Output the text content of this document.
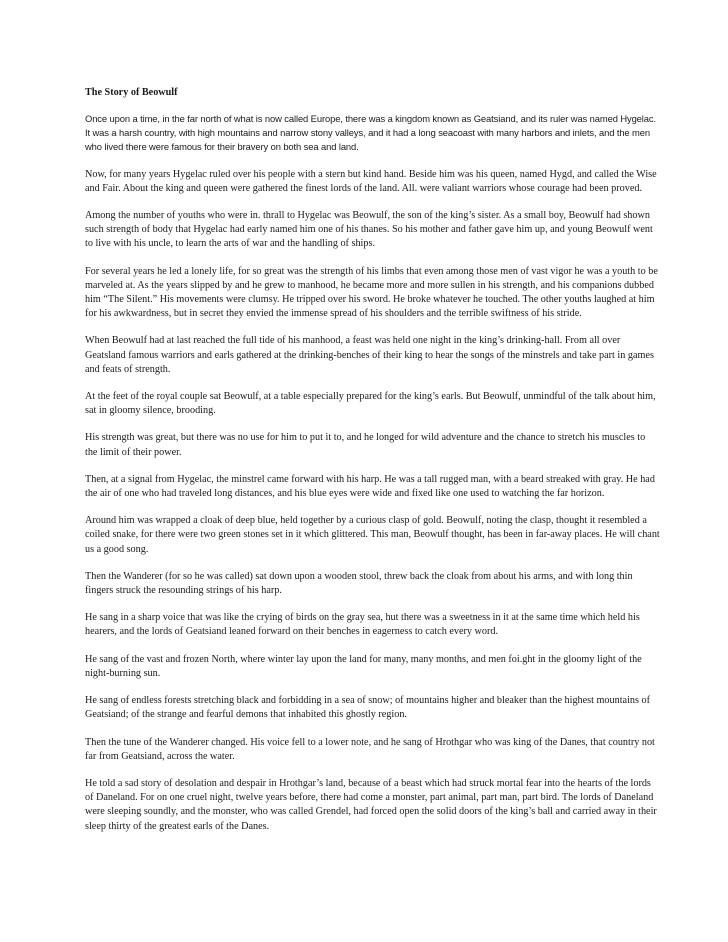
The Story of Beowulf

Once upon a time, in the far north of what is now called Europe, there was a kingdom known as Geatsiand, and its ruler was named Hygelac. It was a harsh country, with high mountains and narrow stony valleys, and it had a long seacoast with many harbors and inlets, and the men who lived there were famous for their bravery on both sea and land.

Now, for many years Hygelac ruled over his people with a stern but kind hand. Beside him was his queen, named Hygd, and called the Wise and Fair. About the king and queen were gathered the finest lords of the land. All. were valiant warriors whose courage had been proved.

Among the number of youths who were in. thrall to Hygelac was Beowulf, the son of the king’s sister. As a small boy, Beowulf had shown such strength of body that Hygelac had early named him one of his thanes. So his mother and father gave him up, and young Beowulf went to live with his uncle, to learn the arts of war and the handling of ships.

For several years he led a lonely life, for so great was the strength of his limbs that even among those men of vast vigor he was a youth to be marveled at. As the years slipped by and he grew to manhood, he became more and more sullen in his strength, and his companions dubbed him “The Silent.” His movements were clumsy. He tripped over his sword. He broke whatever he touched. The other youths laughed at him for his awkwardness, but in secret they envied the immense spread of his shoulders and the terrible swiftness of his stride.

When Beowulf had at last reached the full tide of his manhood, a feast was held one night in the king’s drinking-hall. From all over Geatsland famous warriors and earls gathered at the drinking-benches of their king to hear the songs of the minstrels and take part in games and feats of strength.

At the feet of the royal couple sat Beowulf, at a table especially prepared for the king’s earls. But Beowulf, unmindful of the talk about him, sat in gloomy silence, brooding.

His strength was great, but there was no use for him to put it to, and he longed for wild adventure and the chance to stretch his muscles to the limit of their power.

Then, at a signal from Hygelac, the minstrel came forward with his harp. He was a tall rugged man, with a beard streaked with gray. He had the air of one who had traveled long distances, and his blue eyes were wide and fixed like one used to watching the far horizon.

Around him was wrapped a cloak of deep blue, held together by a curious clasp of gold. Beowulf, noting the clasp, thought it resembled a coiled snake, for there were two green stones set in it which glittered. This man, Beowulf thought, has been in far-away places. He will chant us a good song.

Then the Wanderer (for so he was called) sat down upon a wooden stool, threw back the cloak from about his arms, and with long thin fingers struck the resounding strings of his harp.

He sang in a sharp voice that was like the crying of birds on the gray sea, hut there was a sweetness in it at the same time which held his hearers, and the lords of Geatsiand leaned forward on their benches in eagerness to catch every word.

He sang of the vast and frozen North, where winter lay upon the land for many, many months, and men foi.ght in the gloomy light of the night-burning sun.

He sang of endless forests stretching black and forbidding in a sea of snow; of mountains higher and bleaker than the highest mountains of Geatsiand; of the strange and fearful demons that inhabited this ghostly region.

Then the tune of the Wanderer changed. His voice fell to a lower note, and he sang of Hrothgar who was king of the Danes, that country not far from Geatsiand, across the water.

He told a sad story of desolation and despair in Hrothgar’s land, because of a beast which had struck mortal fear into the hearts of the lords of Daneland. For on one cruel night, twelve years before, there had come a monster, part animal, part man, part bird. The lords of Daneland were sleeping soundly, and the monster, who was called Grendel, had forced open the solid doors of the king’s ball and carried away in their sleep thirty of the greatest earls of the Danes.
